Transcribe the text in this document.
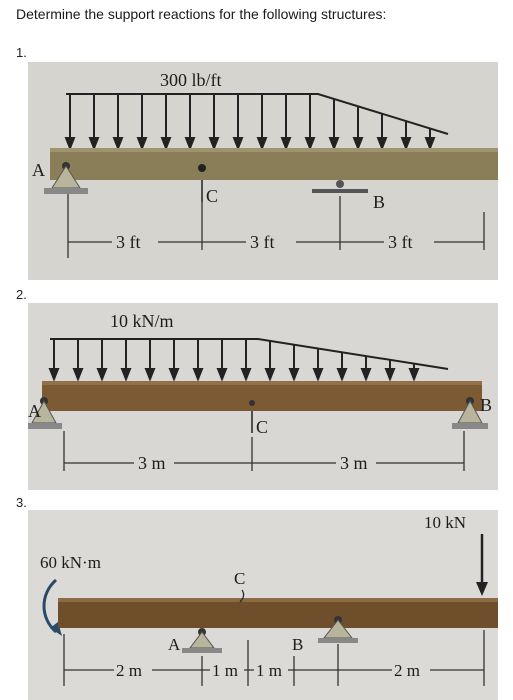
Determine the support reactions for the following structures:
1.
300 lb/ft
A
C	B
3 ft	3 ft	3 ft
2.
10 kN/m
A
C
B
3 m	3 m
3.
60 kN·m
10 kN
C
A	B
2 m	1 m 1 m	2 m
